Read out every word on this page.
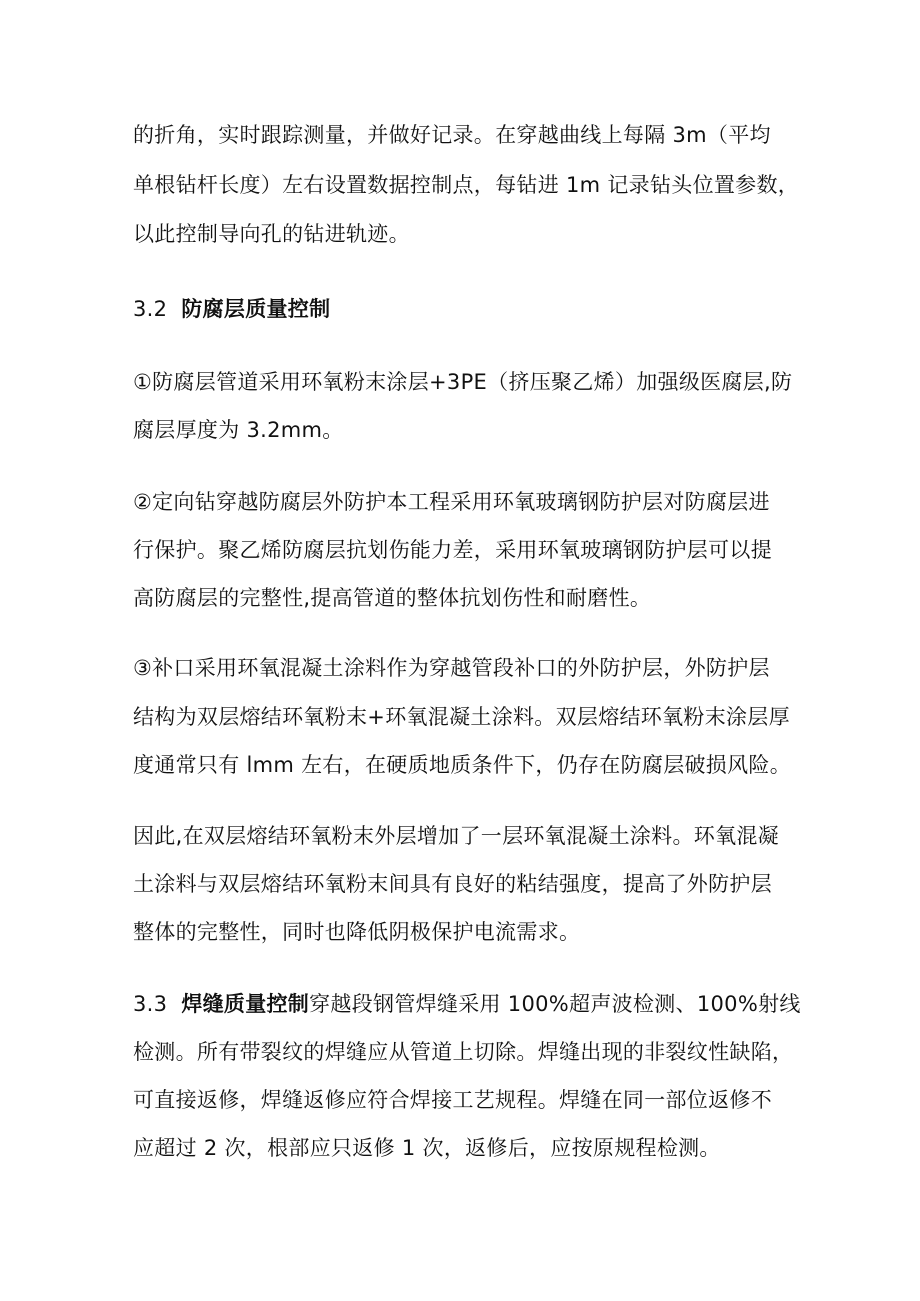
的折角，实时跟踪测量，并做好记录。在穿越曲线上每隔 3m（平均
单根钻杆长度）左右设置数据控制点，每钻进 1m 记录钻头位置参数，
以此控制导向孔的钻进轨迹。
3.2 防腐层质量控制
①防腐层管道采用环氧粉末涂层+3PE（挤压聚乙烯）加强级医腐层,防
腐层厚度为 3.2mm。
②定向钻穿越防腐层外防护本工程采用环氧玻璃钢防护层对防腐层进
行保护。聚乙烯防腐层抗划伤能力差，采用环氧玻璃钢防护层可以提
高防腐层的完整性,提高管道的整体抗划伤性和耐磨性。
③补口采用环氧混凝土涂料作为穿越管段补口的外防护层，外防护层
结构为双层熔结环氧粉末+环氧混凝土涂料。双层熔结环氧粉末涂层厚
度通常只有 lmm 左右，在硬质地质条件下，仍存在防腐层破损风险。
因此,在双层熔结环氧粉末外层增加了一层环氧混凝土涂料。环氧混凝
土涂料与双层熔结环氧粉末间具有良好的粘结强度，提高了外防护层
整体的完整性，同时也降低阴极保护电流需求。
3.3 焊缝质量控制穿越段钢管焊缝采用 100%超声波检测、100%射线
检测。所有带裂纹的焊缝应从管道上切除。焊缝出现的非裂纹性缺陷，
可直接返修，焊缝返修应符合焊接工艺规程。焊缝在同一部位返修不
应超过 2 次，根部应只返修 1 次，返修后，应按原规程检测。
